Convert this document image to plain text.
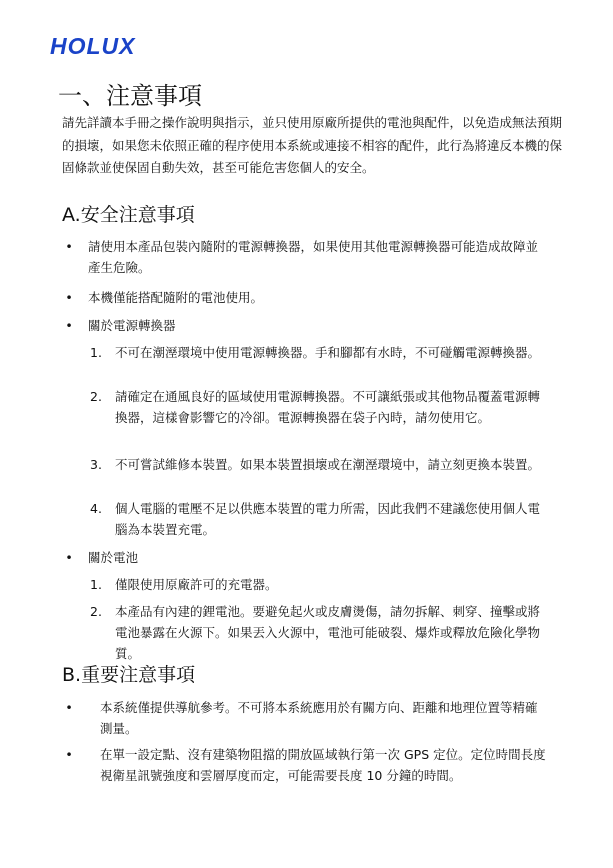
HOLUX
一、注意事項

請先詳讀本手冊之操作說明與指示，並只使用原廠所提供的電池與配件，以免造成無法預期的損壞，如果您未依照正確的程序使用本系統或連接不相容的配件，此行為將違反本機的保固條款並使保固自動失效，甚至可能危害您個人的安全。

A.安全注意事項
• 請使用本產品包裝內隨附的電源轉換器，如果使用其他電源轉換器可能造成故障並產生危險。
• 本機僅能搭配隨附的電池使用。
• 關於電源轉換器
1. 不可在潮溼環境中使用電源轉換器。手和腳都有水時，不可碰觸電源轉換器。
2. 請確定在通風良好的區域使用電源轉換器。不可讓紙張或其他物品覆蓋電源轉換器，這樣會影響它的冷卻。電源轉換器在袋子內時，請勿使用它。
3. 不可嘗試維修本裝置。如果本裝置損壞或在潮溼環境中，請立刻更換本裝置。
4. 個人電腦的電壓不足以供應本裝置的電力所需，因此我們不建議您使用個人電腦為本裝置充電。
• 關於電池
1. 僅限使用原廠許可的充電器。
2. 本產品有內建的鋰電池。要避免起火或皮膚燙傷，請勿拆解、刺穿、撞擊或將電池暴露在火源下。如果丟入火源中，電池可能破裂、爆炸或釋放危險化學物質。
B.重要注意事項
• 本系統僅提供導航參考。不可將本系統應用於有關方向、距離和地理位置等精確測量。
• 在單一設定點、沒有建築物阻擋的開放區域執行第一次 GPS 定位。定位時間長度視衛星訊號強度和雲層厚度而定，可能需要長度 10 分鐘的時間。
